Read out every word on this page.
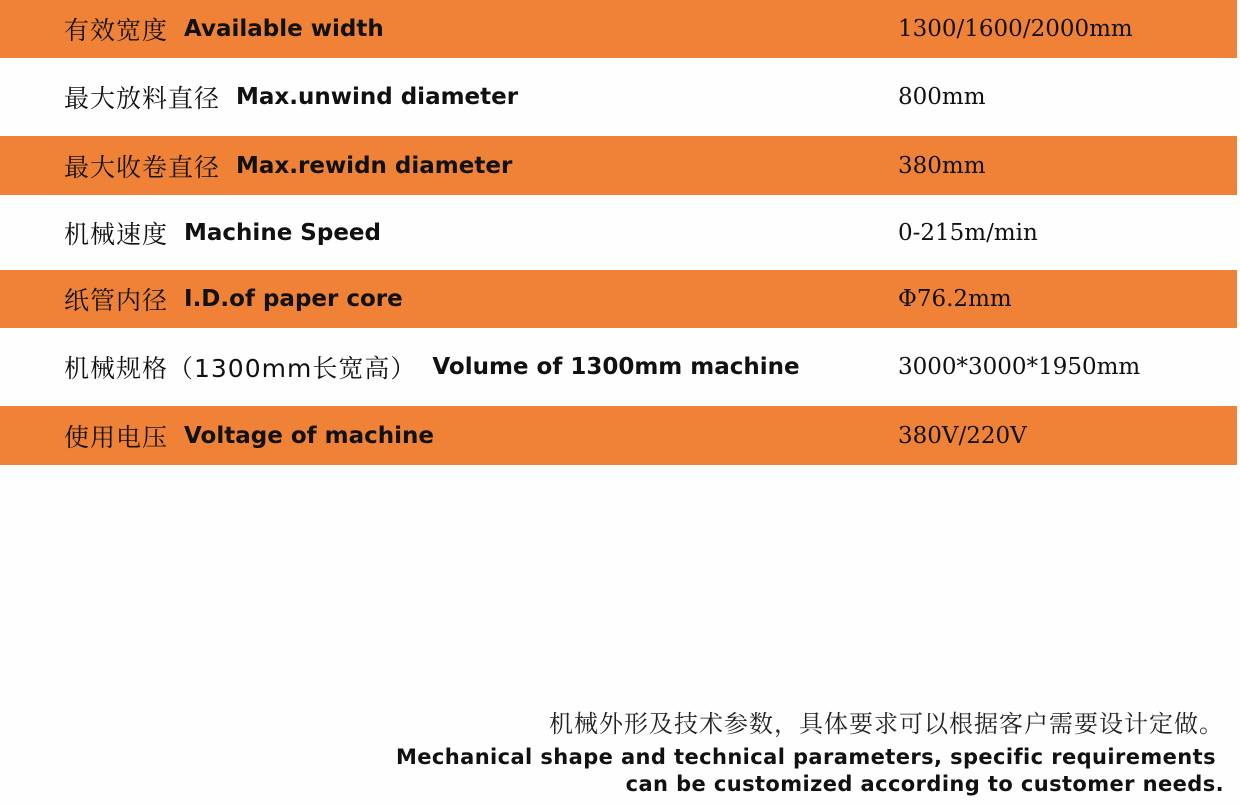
有效宽度 Available width	1300/1600/2000mm
最大放料直径 Max.unwind diameter	800mm
最大收卷直径 Max.rewidn diameter	380mm
机械速度 Machine Speed	0-215m/min
纸管内径 I.D.of paper core	Φ76.2mm
机械规格（1300mm长宽高） Volume of 1300mm machine	3000*3000*1950mm
使用电压 Voltage of machine	380V/220V
机械外形及技术参数，具体要求可以根据客户需要设计定做。
Mechanical shape and technical parameters, specific requirements
can be customized according to customer needs.
